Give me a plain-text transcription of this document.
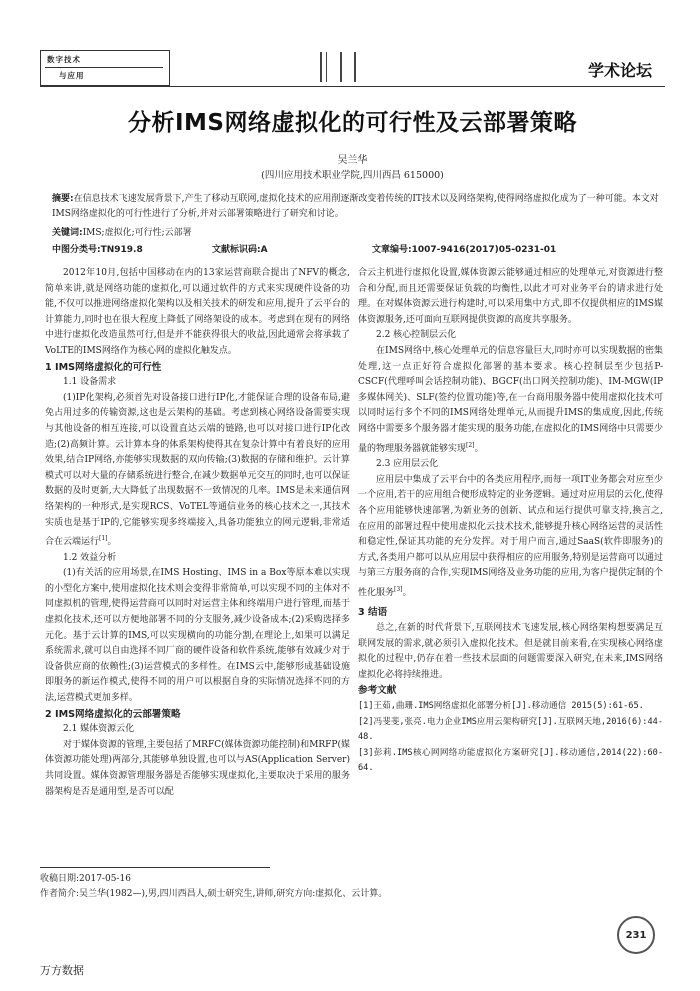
数字技术
与应用	学术论坛
分析IMS网络虚拟化的可行性及云部署策略
吴兰华
(四川应用技术职业学院,四川西昌 615000)
摘要:在信息技术飞速发展背景下,产生了移动互联网,虚拟化技术的应用削逐渐改变着传统的IT技术以及网络架构,使得网络虚拟化成为了一种可能。本文对IMS网络虚拟化的可行性进行了分析,并对云部署策略进行了研究和讨论。
关键词:IMS;虚拟化;可行性;云部署
中图分类号:TN919.8	文献标识码:A	文章编号:1007-9416(2017)05-0231-01

2012年10月,包括中国移动在内的13家运营商联合提出了NFV的概念,简单来讲,就是网络功能的虚拟化,可以通过软件的方式来实现硬件设备的功能,不仅可以推进网络虚拟化架构以及相关技术的研发和应用,提升了云平台的计算能力,同时也在很大程度上降低了网络架设的成本。考虑到在现有的网络中进行虚拟化改造虽然可行,但是并不能获得很大的收益,因此通常会将承载了VoLTE的IMS网络作为核心网的虚拟化触发点。

1 IMS网络虚拟化的可行性

1.1 设备需求

(1)IP化架构,必须首先对设备接口进行IP化,才能保证合理的设备布局,避免占用过多的传输资源,这也是云架构的基础。考虑到核心网络设备需要实现与其他设备的相互连接,可以设置直达云端的链路,也可以对接口进行IP化改造;(2)高频计算。云计算本身的体系架构使得其在复杂计算中有着良好的应用效果,结合IP网络,亦能够实现数据的双向传输;(3)数据的存储和维护。云计算模式可以对大量的存储系统进行整合,在减少数据单元交互的同时,也可以保证数据的及时更新,大大降低了出现数据不一致情况的几率。IMS是未来通信网络架构的一种形式,是实现RCS、VoTEL等通信业务的核心技术之一,其技术实质也是基于IP的,它能够实现多终端接入,具备功能独立的网元逻辑,非常适合在云端运行[1]。

1.2 效益分析

(1)有关活的应用场景,在IMS Hosting、IMS in a Box等原本难以实现的小型化方案中,使用虚拟化技术则会变得非常简单,可以实现不同的主体对不同虚拟机的管理,使得运营商可以同时对运营主体和终端用户进行管理,而基于虚拟化技术,还可以方便地部署不同的分支服务,减少设备成本;(2)采购选择多元化。基于云计算的IMS,可以实现横向的功能分割,在理论上,如果可以满足系统需求,就可以自由选择不同厂商的硬件设备和软件系统,能够有效减少对于设备供应商的依赖性;(3)运营模式的多样性。在IMS云中,能够形成基础设施即服务的新运作模式,使得不同的用户可以根据自身的实际情况选择不同的方法,运营模式更加多样。

2 IMS网络虚拟化的云部署策略

2.1 媒体资源云化

对于媒体资源的管理,主要包括了MRFC(媒体资源功能控制)和MRFP(媒体资源功能处理)两部分,其能够单独设置,也可以与AS(Application Server)共同设置。媒体资源管理服务器是否能够实现虚拟化,主要取决于采用的服务器架构是否是通用型,是否可以配

合云主机进行虚拟化设置,媒体资源云能够通过相应的处理单元,对资源进行整合和分配,而且还需要保证负载的均衡性,以此才可对业务平台的请求进行处理。在对媒体资源云进行构建时,可以采用集中方式,即不仅提供相应的IMS媒体资源服务,还可面向互联网提供资源的高度共享服务。

2.2 核心控制层云化

在IMS网络中,核心处理单元的信息容量巨大,同时亦可以实现数据的密集处理,这一点正好符合虚拟化部署的基本要求。核心控制层至少包括P-CSCF(代理呼叫会话控制功能)、BGCF(出口网关控制功能)、IM-MGW(IP多媒体网关)、SLF(签约位置功能)等,在一台商用服务器中使用虚拟化技术可以同时运行多个不同的IMS网络处理单元,从而提升IMS的集成度,因此,传统网络中需要多个服务器才能实现的服务功能,在虚拟化的IMS网络中只需要少量的物理服务器就能够实现[2]。

2.3 应用层云化

应用层中集成了云平台中的各类应用程序,而每一项IT业务都会对应至少一个应用,若干的应用组合便形成特定的业务逻辑。通过对应用层的云化,使得各个应用能够快速部署,为新业务的创新、试点和运行提供可靠支持,换言之,在应用的部署过程中使用虚拟化云技术技术,能够提升核心网络运营的灵活性和稳定性,保证其功能的充分发挥。对于用户而言,通过SaaS(软件即服务)的方式,各类用户都可以从应用层中获得相应的应用服务,特别是运营商可以通过与第三方服务商的合作,实现IMS网络及业务功能的应用,为客户提供定制的个性化服务[3]。

3 结语

总之,在新的时代背景下,互联网技术飞速发展,核心网络架构想要满足互联网发展的需求,就必须引入虚拟化技术。但是就目前来看,在实现核心网络虚拟化的过程中,仍存在着一些技术层面的问题需要深入研究,在未来,IMS网络虚拟化必将持续推进。

参考文献

[1]王茹,曲珊.IMS网络虚拟化部署分析[J].移动通信 2015(5):61-65.

[2]冯斐斐,张亮.电力企业IMS应用云架构研究[J].互联网天地,2016(6):44-48.

[3]彭莉.IMS核心网网络功能虚拟化方案研究[J].移动通信,2014(22):60-64.

收稿日期:2017-05-16
作者简介:吴兰华(1982—),男,四川西昌人,硕士研究生,讲师,研究方向:虚拟化、云计算。
231
万方数据
